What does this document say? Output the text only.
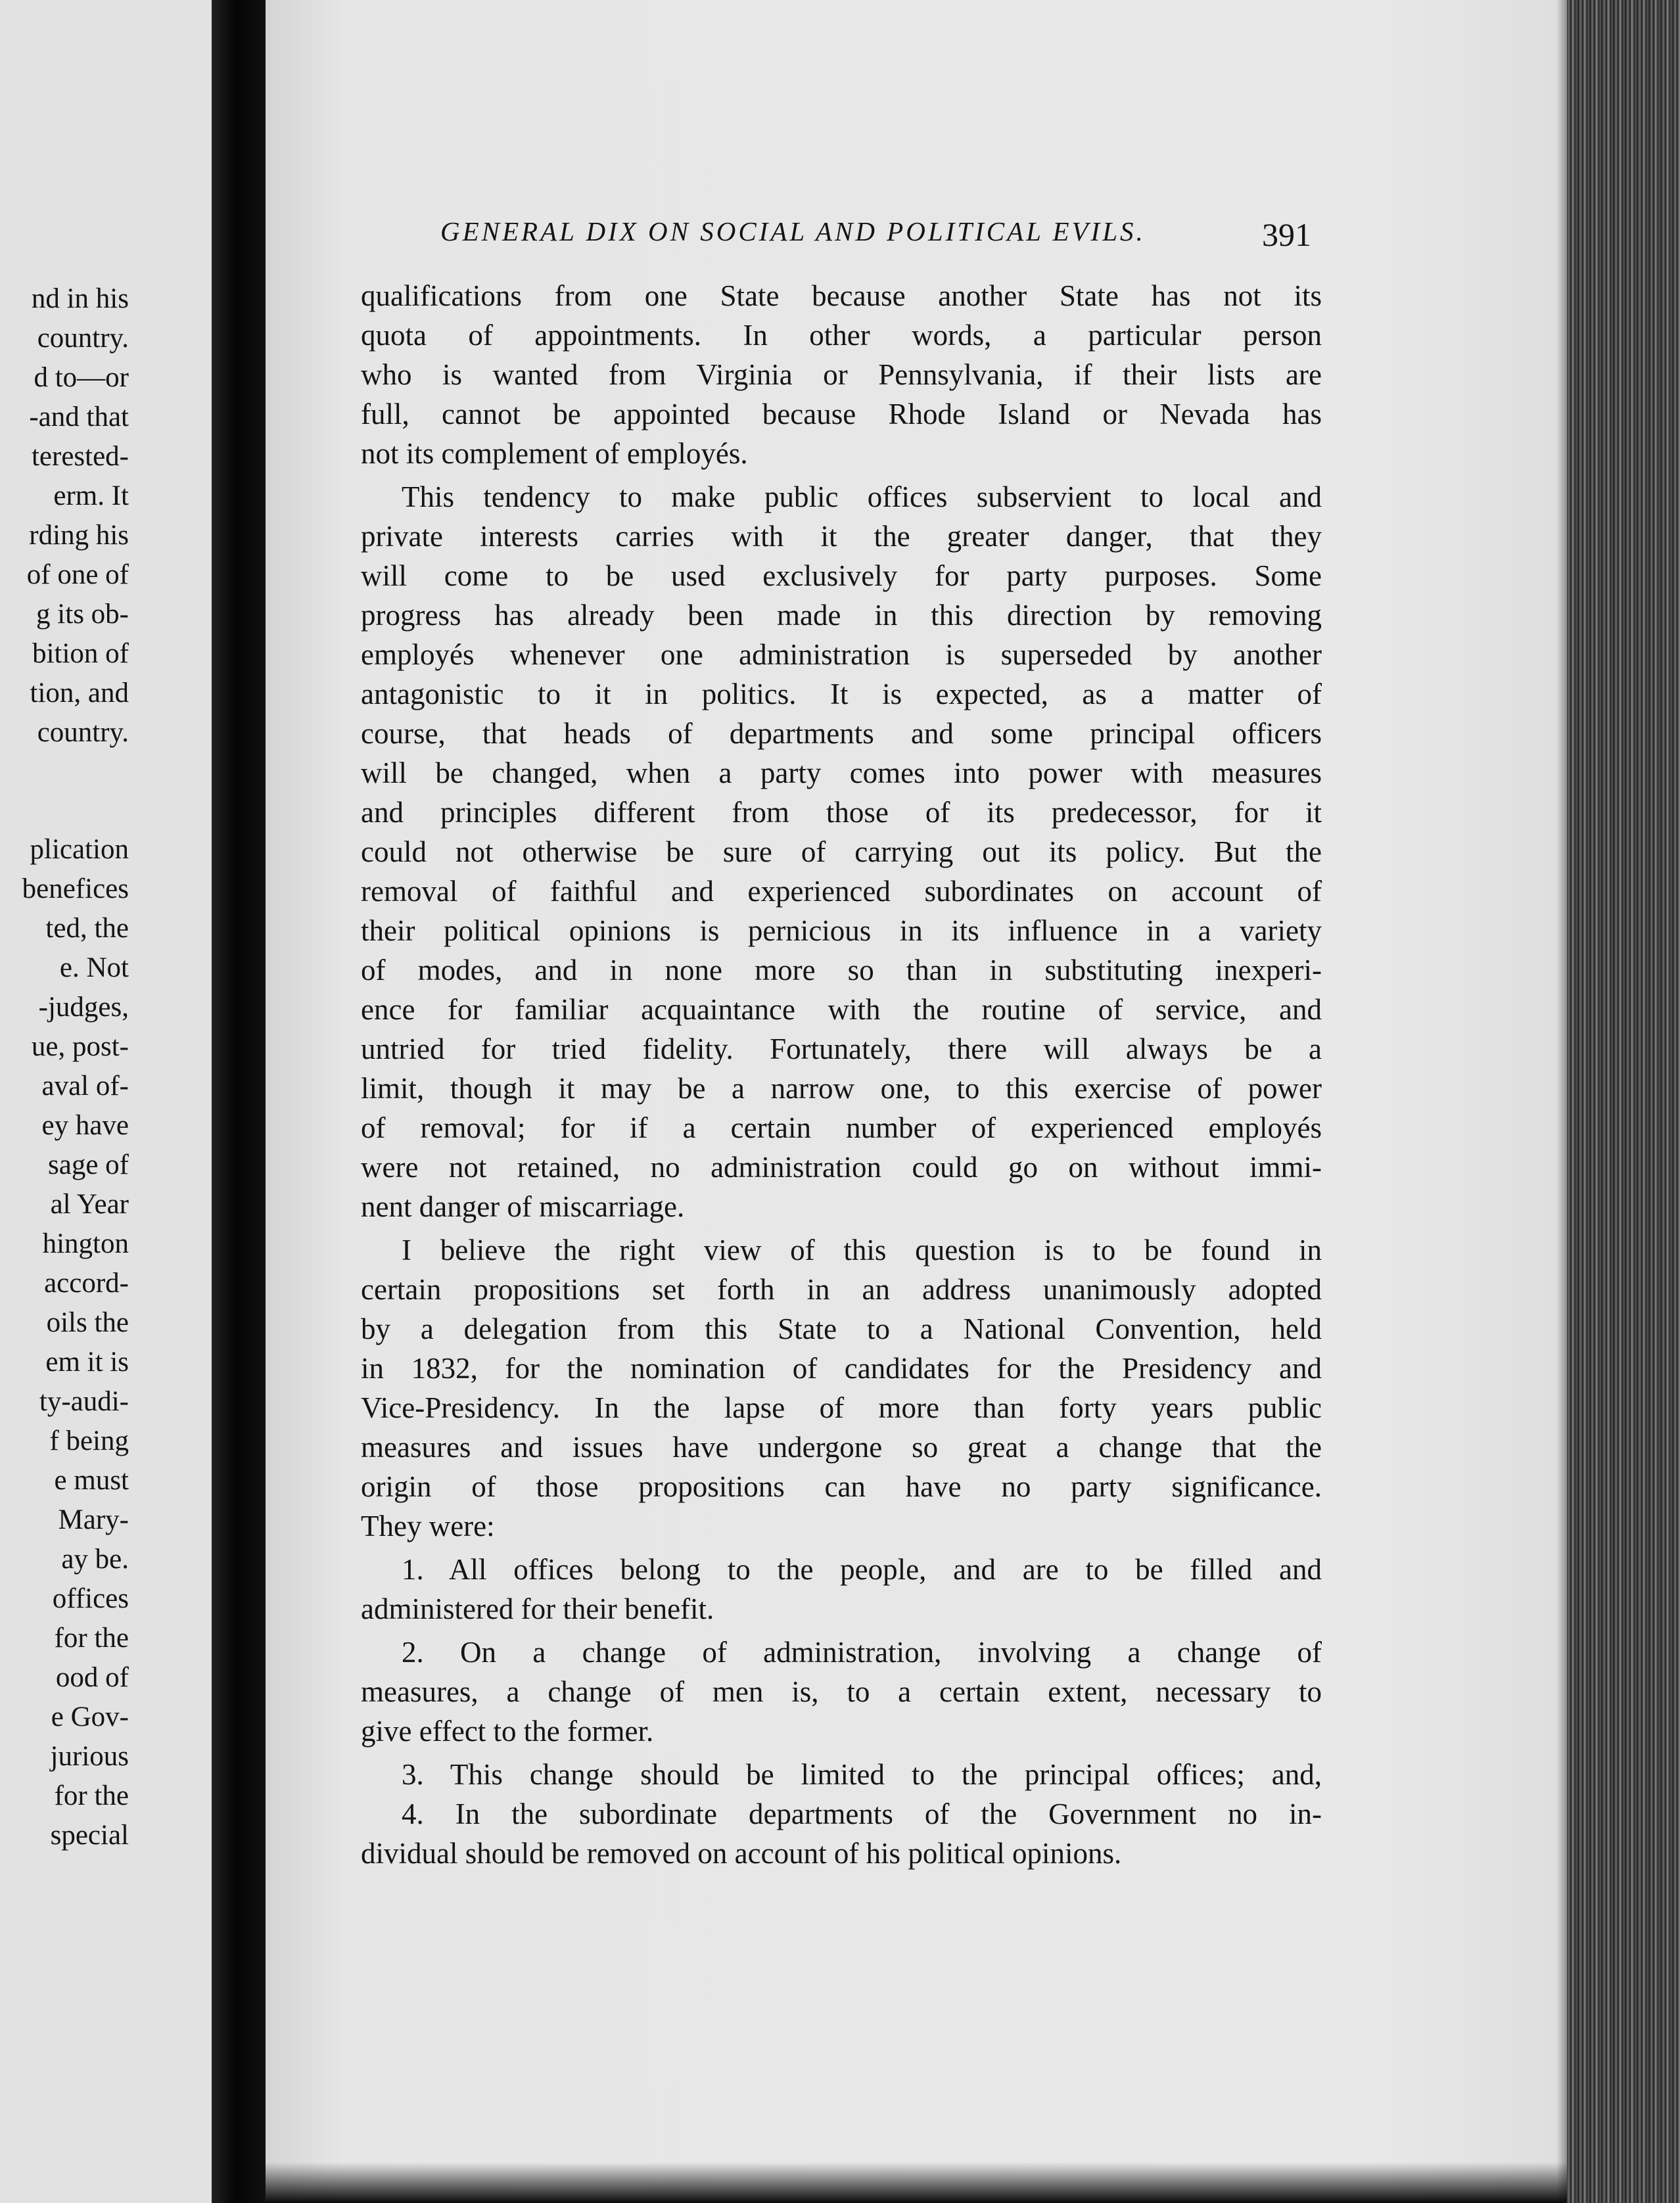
nd in his
country.
d to—or
-and that
terested-
erm. It
rding his
of one of
g its ob-
bition of
tion, and
country.
plication
benefices
ted, the
e. Not
-judges,
ue, post-
aval of-
ey have
sage of
al Year
hington
accord-
oils the
em it is
ty-audi-
f being
e must
Mary-
ay be.
offices
for the
ood of
e Gov-
jurious
for the
special
GENERAL DIX ON SOCIAL AND POLITICAL EVILS.	391
qualifications from one State because another State has not its
quota of appointments. In other words, a particular person
who is wanted from Virginia or Pennsylvania, if their lists are
full, cannot be appointed because Rhode Island or Nevada has
not its complement of employés.
This tendency to make public offices subservient to local and
private interests carries with it the greater danger, that they
will come to be used exclusively for party purposes. Some
progress has already been made in this direction by removing
employés whenever one administration is superseded by another
antagonistic to it in politics. It is expected, as a matter of
course, that heads of departments and some principal officers
will be changed, when a party comes into power with measures
and principles different from those of its predecessor, for it
could not otherwise be sure of carrying out its policy. But the
removal of faithful and experienced subordinates on account of
their political opinions is pernicious in its influence in a variety
of modes, and in none more so than in substituting inexperi-
ence for familiar acquaintance with the routine of service, and
untried for tried fidelity. Fortunately, there will always be a
limit, though it may be a narrow one, to this exercise of power
of removal; for if a certain number of experienced employés
were not retained, no administration could go on without immi-
nent danger of miscarriage.
I believe the right view of this question is to be found in
certain propositions set forth in an address unanimously adopted
by a delegation from this State to a National Convention, held
in 1832, for the nomination of candidates for the Presidency and
Vice-Presidency. In the lapse of more than forty years public
measures and issues have undergone so great a change that the
origin of those propositions can have no party significance.
They were:
1. All offices belong to the people, and are to be filled and
administered for their benefit.
2. On a change of administration, involving a change of
measures, a change of men is, to a certain extent, necessary to
give effect to the former.
3. This change should be limited to the principal offices; and,
4. In the subordinate departments of the Government no in-
dividual should be removed on account of his political opinions.
